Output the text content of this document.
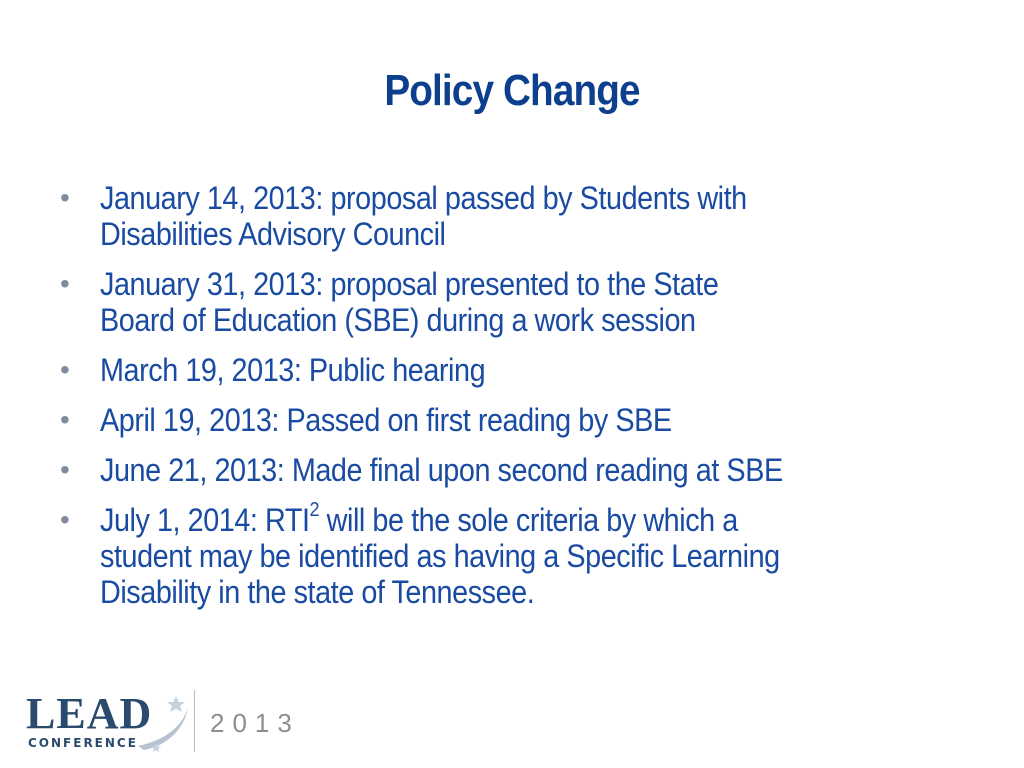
Policy Change
• January 14, 2013: proposal passed by Students with
Disabilities Advisory Council
• January 31, 2013: proposal presented to the State
Board of Education (SBE) during a work session
• March 19, 2013: Public hearing
• April 19, 2013: Passed on first reading by SBE
• June 21, 2013: Made final upon second reading at SBE
• July 1, 2014: RTI$^2$ will be the sole criteria by which a
student may be identified as having a Specific Learning
Disability in the state of Tennessee.
LEAD
CONFERENCE
2013
